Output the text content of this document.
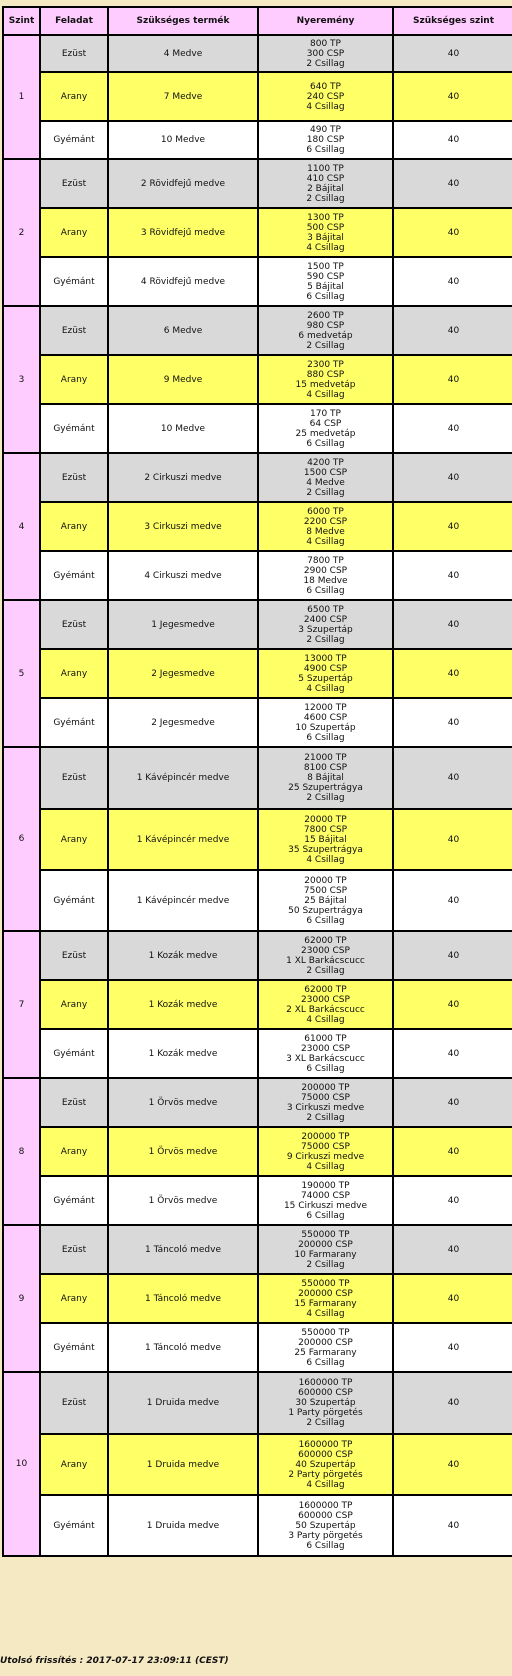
Szint	Feladat	Szükséges termék	Nyeremény	Szükséges szint
1	Ezüst	4 Medve	800 TP
300 CSP
2 Csillag	40
	Arany	7 Medve	640 TP
240 CSP
4 Csillag	40
	Gyémánt	10 Medve	490 TP
180 CSP
6 Csillag	40
2	Ezüst	2 Rövidfejű medve	1100 TP
410 CSP
2 Bájital
2 Csillag	40
	Arany	3 Rövidfejű medve	1300 TP
500 CSP
3 Bájital
4 Csillag	40
	Gyémánt	4 Rövidfejű medve	1500 TP
590 CSP
5 Bájital
6 Csillag	40
3	Ezüst	6 Medve	2600 TP
980 CSP
6 medvetáp
2 Csillag	40
	Arany	9 Medve	2300 TP
880 CSP
15 medvetáp
4 Csillag	40
	Gyémánt	10 Medve	170 TP
64 CSP
25 medvetáp
6 Csillag	40
4	Ezüst	2 Cirkuszi medve	4200 TP
1500 CSP
4 Medve
2 Csillag	40
	Arany	3 Cirkuszi medve	6000 TP
2200 CSP
8 Medve
4 Csillag	40
	Gyémánt	4 Cirkuszi medve	7800 TP
2900 CSP
18 Medve
6 Csillag	40
5	Ezüst	1 Jegesmedve	6500 TP
2400 CSP
3 Szupertáp
2 Csillag	40
	Arany	2 Jegesmedve	13000 TP
4900 CSP
5 Szupertáp
4 Csillag	40
	Gyémánt	2 Jegesmedve	12000 TP
4600 CSP
10 Szupertáp
6 Csillag	40
6	Ezüst	1 Kávépincér medve	21000 TP
8100 CSP
8 Bájital
25 Szupertrágya
2 Csillag	40
	Arany	1 Kávépincér medve	20000 TP
7800 CSP
15 Bájital
35 Szupertrágya
4 Csillag	40
	Gyémánt	1 Kávépincér medve	20000 TP
7500 CSP
25 Bájital
50 Szupertrágya
6 Csillag	40
7	Ezüst	1 Kozák medve	62000 TP
23000 CSP
1 XL Barkácscucc
2 Csillag	40
	Arany	1 Kozák medve	62000 TP
23000 CSP
2 XL Barkácscucc
4 Csillag	40
	Gyémánt	1 Kozák medve	61000 TP
23000 CSP
3 XL Barkácscucc
6 Csillag	40
8	Ezüst	1 Örvös medve	200000 TP
75000 CSP
3 Cirkuszi medve
2 Csillag	40
	Arany	1 Örvös medve	200000 TP
75000 CSP
9 Cirkuszi medve
4 Csillag	40
	Gyémánt	1 Örvös medve	190000 TP
74000 CSP
15 Cirkuszi medve
6 Csillag	40
9	Ezüst	1 Táncoló medve	550000 TP
200000 CSP
10 Farmarany
2 Csillag	40
	Arany	1 Táncoló medve	550000 TP
200000 CSP
15 Farmarany
4 Csillag	40
	Gyémánt	1 Táncoló medve	550000 TP
200000 CSP
25 Farmarany
6 Csillag	40
10	Ezüst	1 Druida medve	1600000 TP
600000 CSP
30 Szupertáp
1 Party pörgetés
2 Csillag	40
	Arany	1 Druida medve	1600000 TP
600000 CSP
40 Szupertáp
2 Party pörgetés
4 Csillag	40
	Gyémánt	1 Druida medve	1600000 TP
600000 CSP
50 Szupertáp
3 Party pörgetés
6 Csillag	40
Utolsó frissítés : 2017-07-17 23:09:11 (CEST)
